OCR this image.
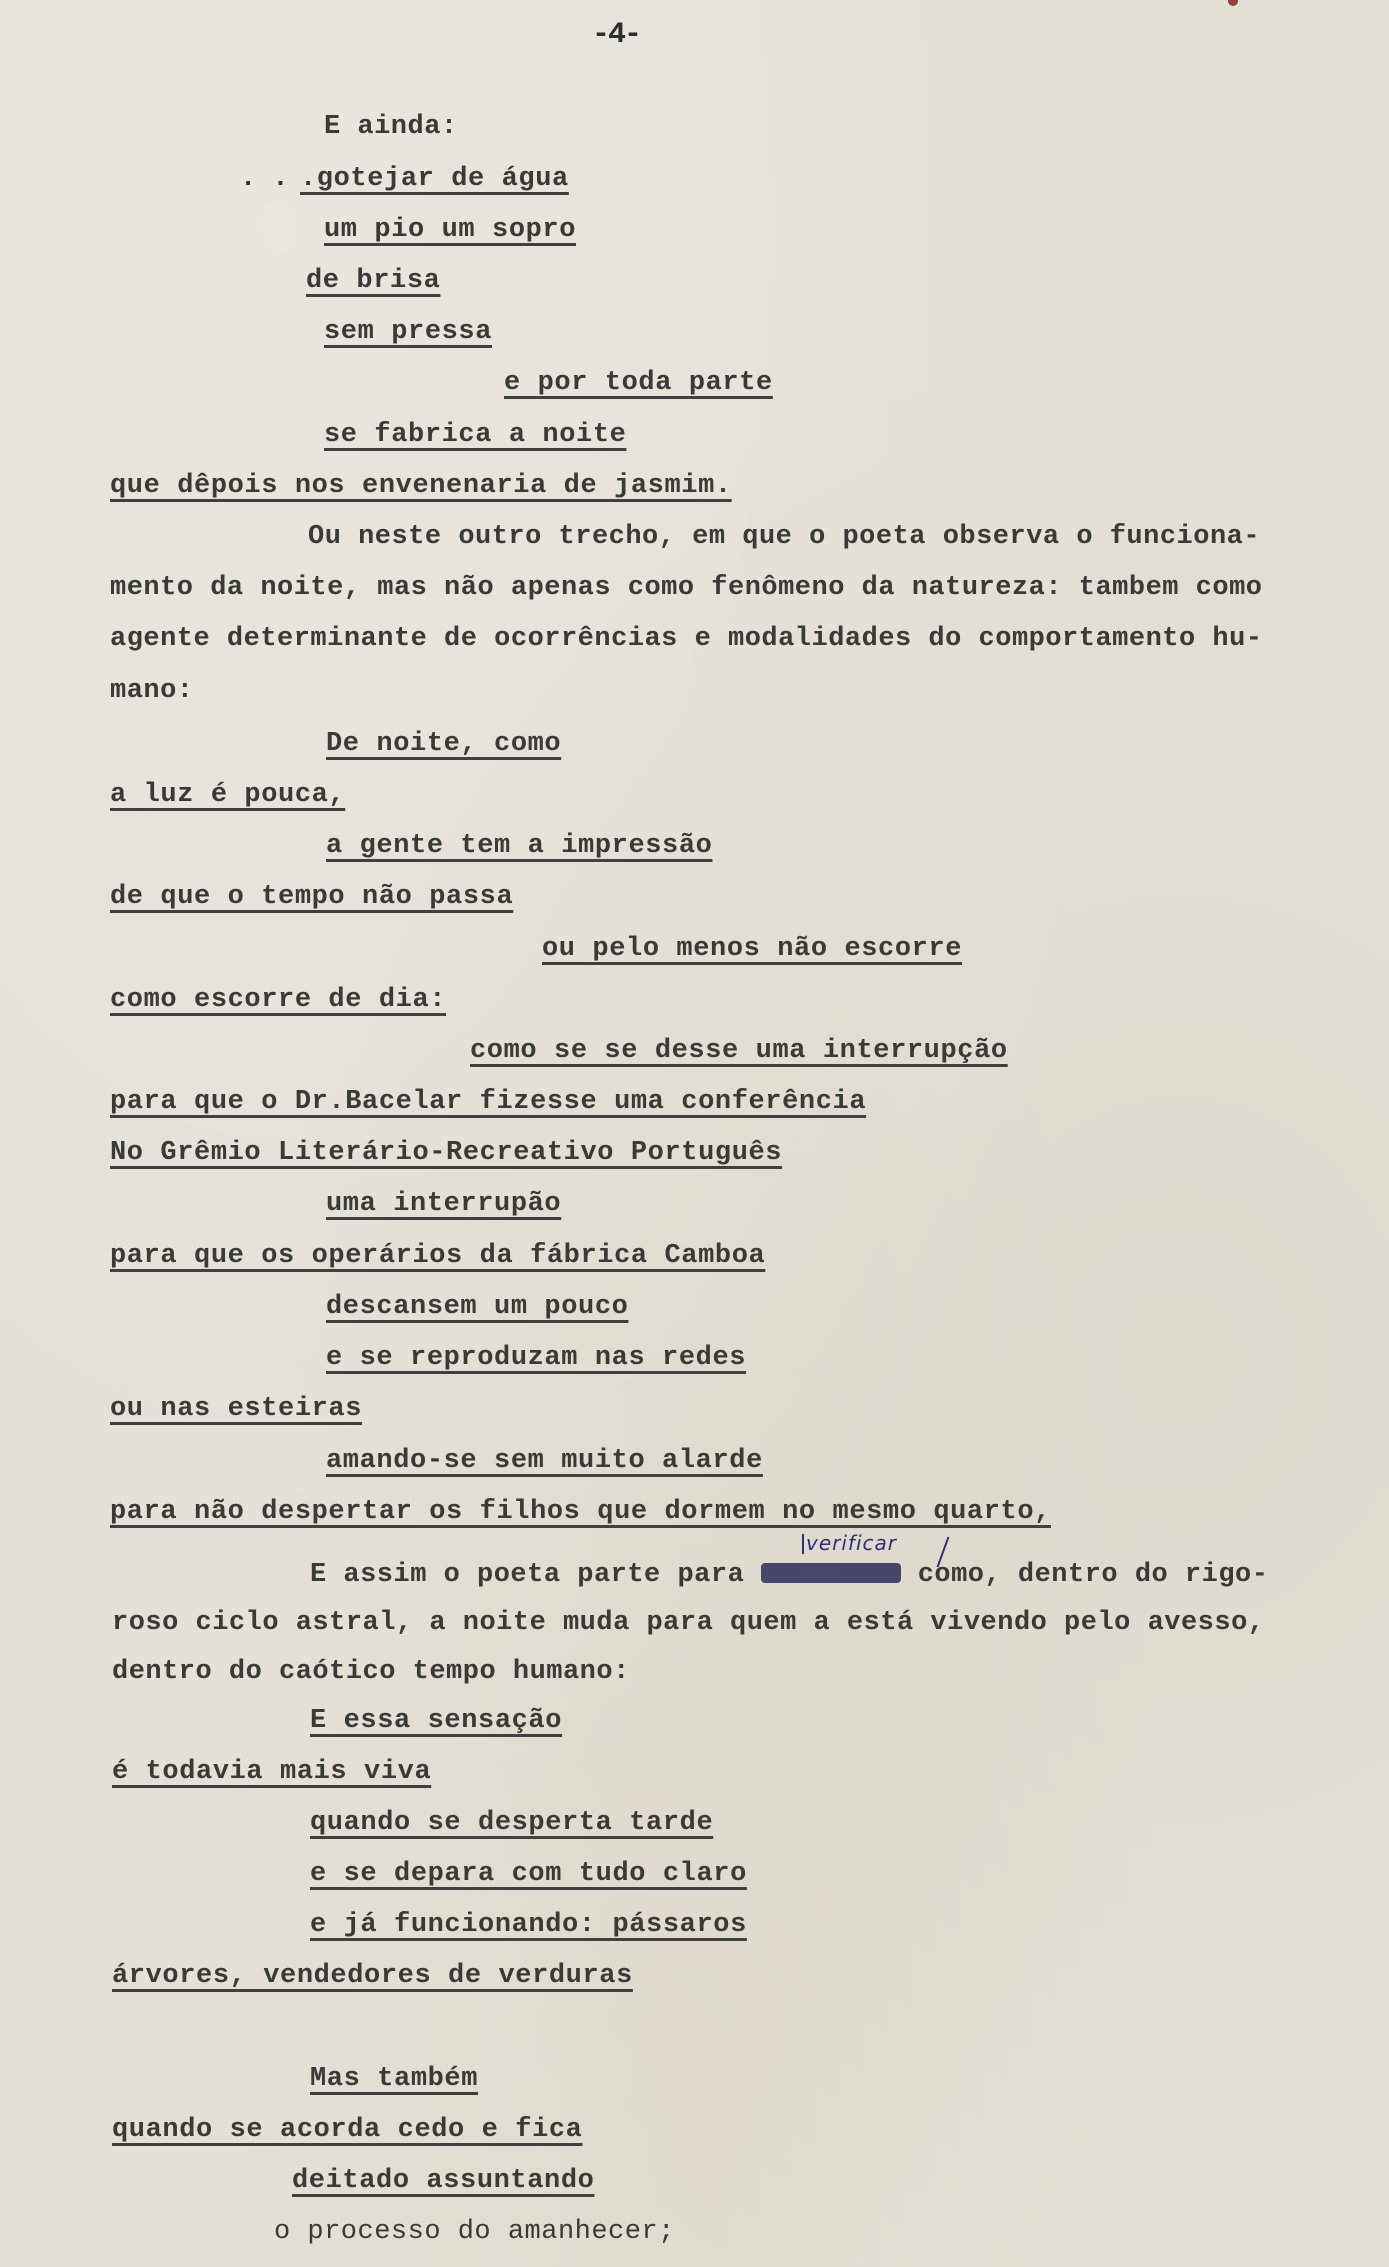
-4-
E ainda:
. . .gotejar de água
um pio um sopro
de brisa
sem pressa
e por toda parte
se fabrica a noite
que dêpois nos envenenaria de jasmim.
Ou neste outro trecho, em que o poeta observa o funciona-
mento da noite, mas não apenas como fenômeno da natureza: tambem como
agente determinante de ocorrências e modalidades do comportamento hu-
mano:
De noite, como
a luz é pouca,
a gente tem a impressão
de que o tempo não passa
ou pelo menos não escorre
como escorre de dia:
como se se desse uma interrupção
para que o Dr.Bacelar fizesse uma conferência
No Grêmio Literário-Recreativo Português
uma interrupão
para que os operários da fábrica Camboa
descansem um pouco
e se reproduzam nas redes
ou nas esteiras
amando-se sem muito alarde
para não despertar os filhos que dormem no mesmo quarto,
verificar
E assim o poeta parte para	como, dentro do rigo-
roso ciclo astral, a noite muda para quem a está vivendo pelo avesso,
dentro do caótico tempo humano:
E essa sensação
é todavia mais viva
quando se desperta tarde
e se depara com tudo claro
e já funcionando: pássaros
árvores, vendedores de verduras
Mas também
quando se acorda cedo e fica
deitado assuntando
o processo do amanhecer;
